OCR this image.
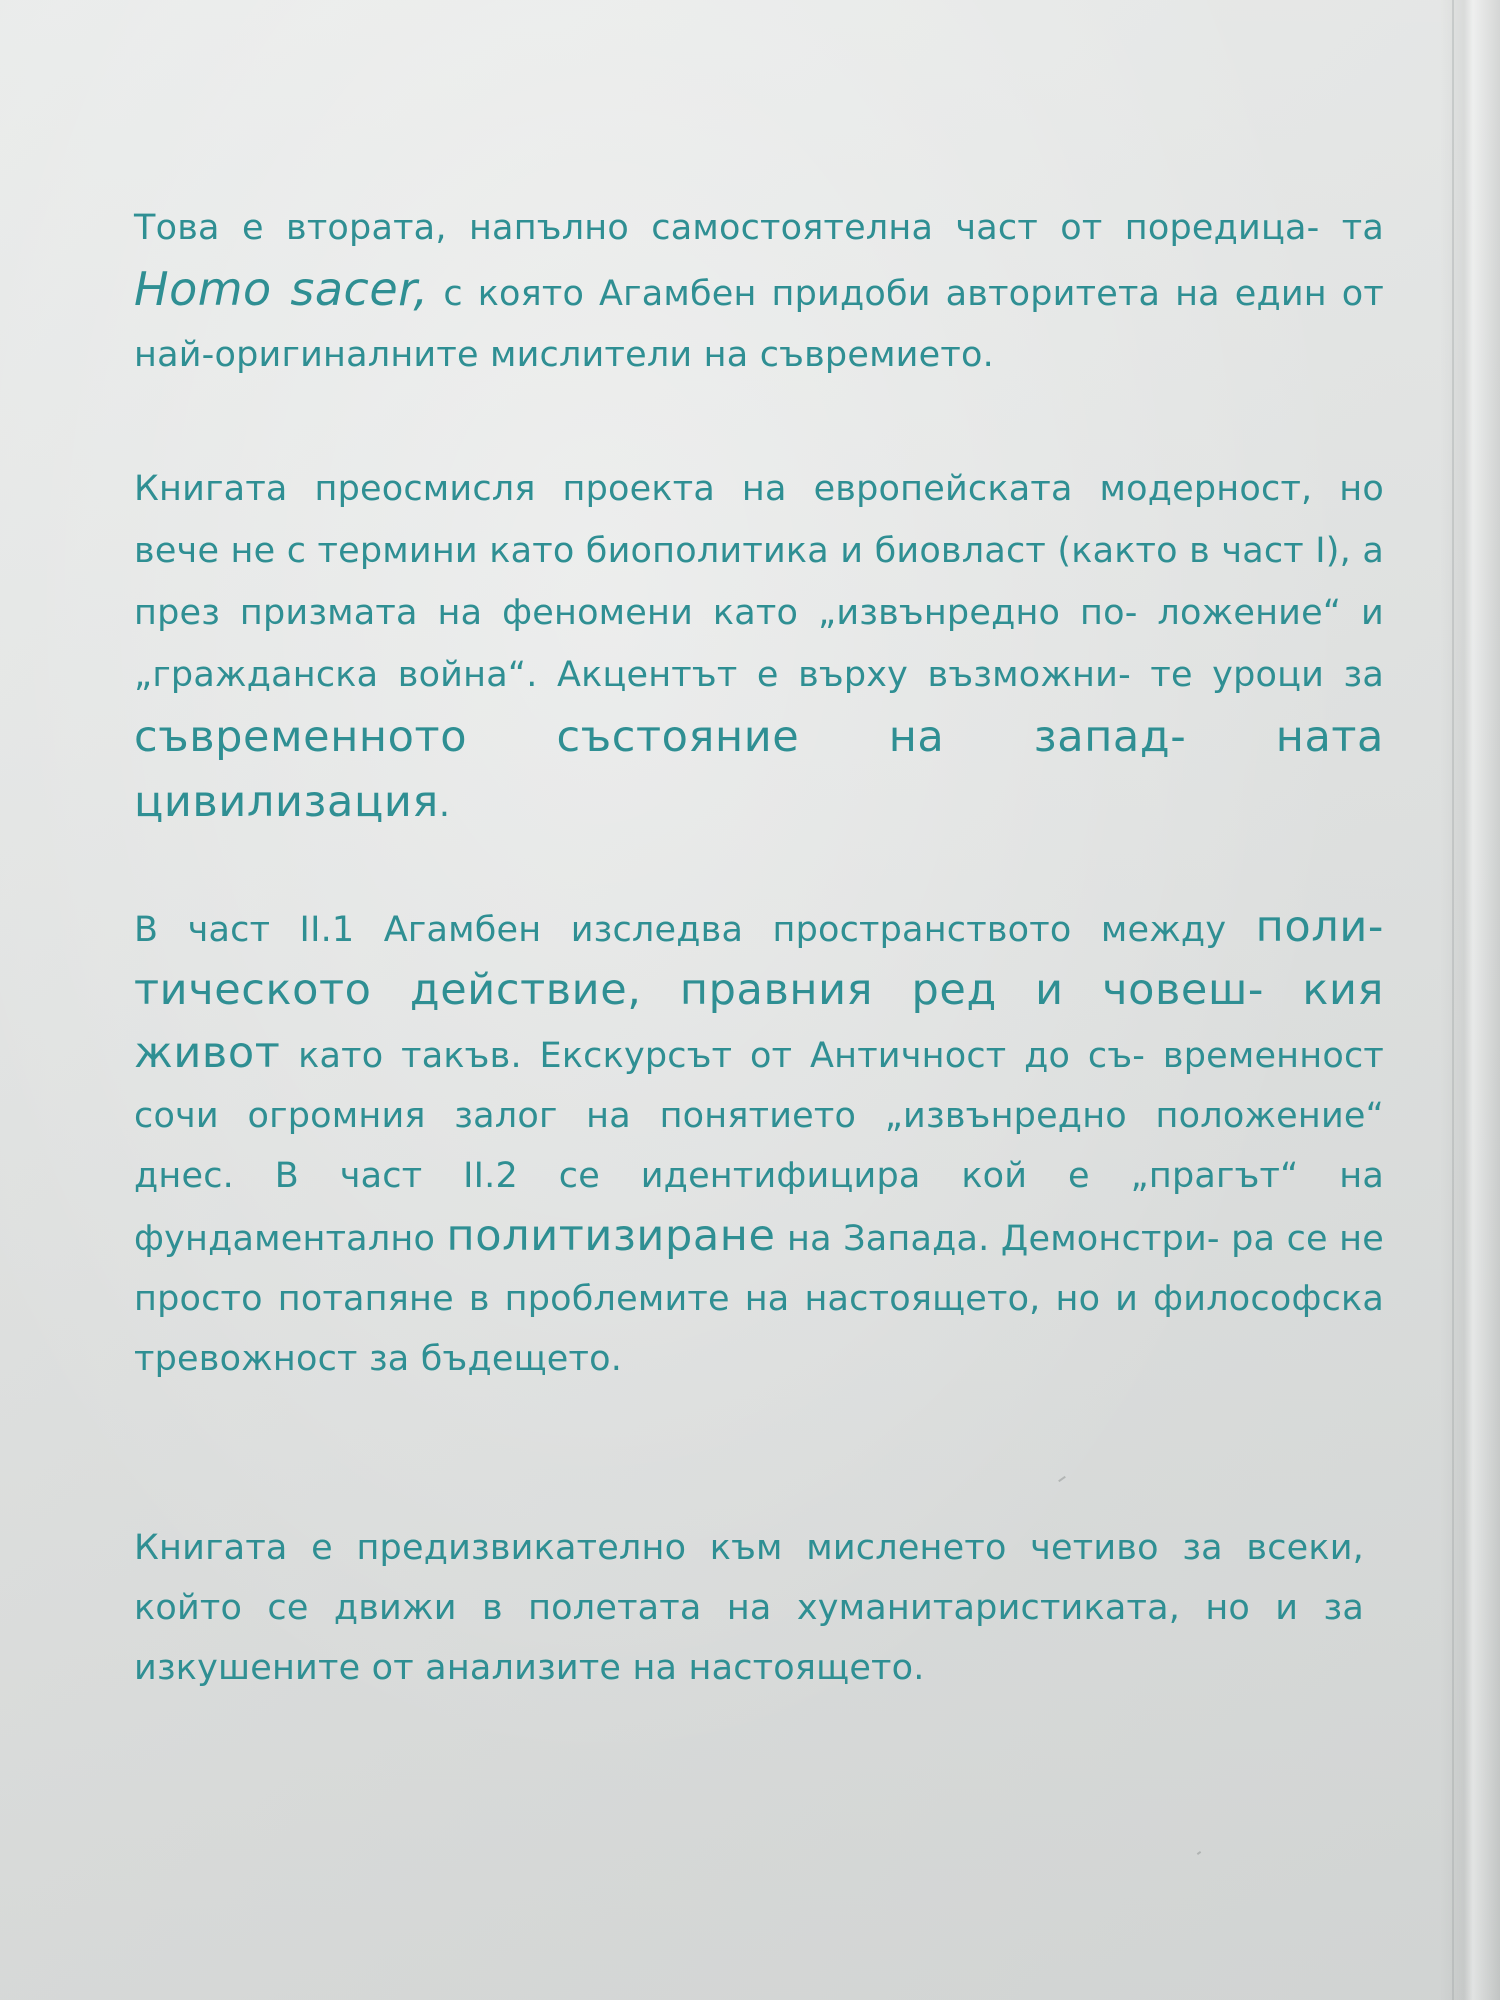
Това е втората, напълно самостоятелна част от поредица- та Homo sacer, с която Агамбен придоби авторитета на един от най-оригиналните мислители на съвремието.

Книгата преосмисля проекта на европейската модерност, но вече не с термини като биополитика и биовласт (както в част I), а през призмата на феномени като „извънредно по- ложение“ и „гражданска война“. Акцентът е върху възможни- те уроци за съвременното състояние на запад- ната цивилизация.

В част II.1 Агамбен изследва пространството между поли- тическото действие, правния ред и човеш- кия живот като такъв. Екскурсът от Античност до съ- временност сочи огромния залог на понятието „извънредно положение“ днес. В част II.2 се идентифицира кой е „прагът“ на фундаментално политизиране на Запада. Демонстри- ра се не просто потапяне в проблемите на настоящето, но и философска тревожност за бъдещето.

Книгата е предизвикателно към мисленето четиво за всеки, който се движи в полетата на хуманитаристиката, но и за изкушените от анализите на настоящето.
